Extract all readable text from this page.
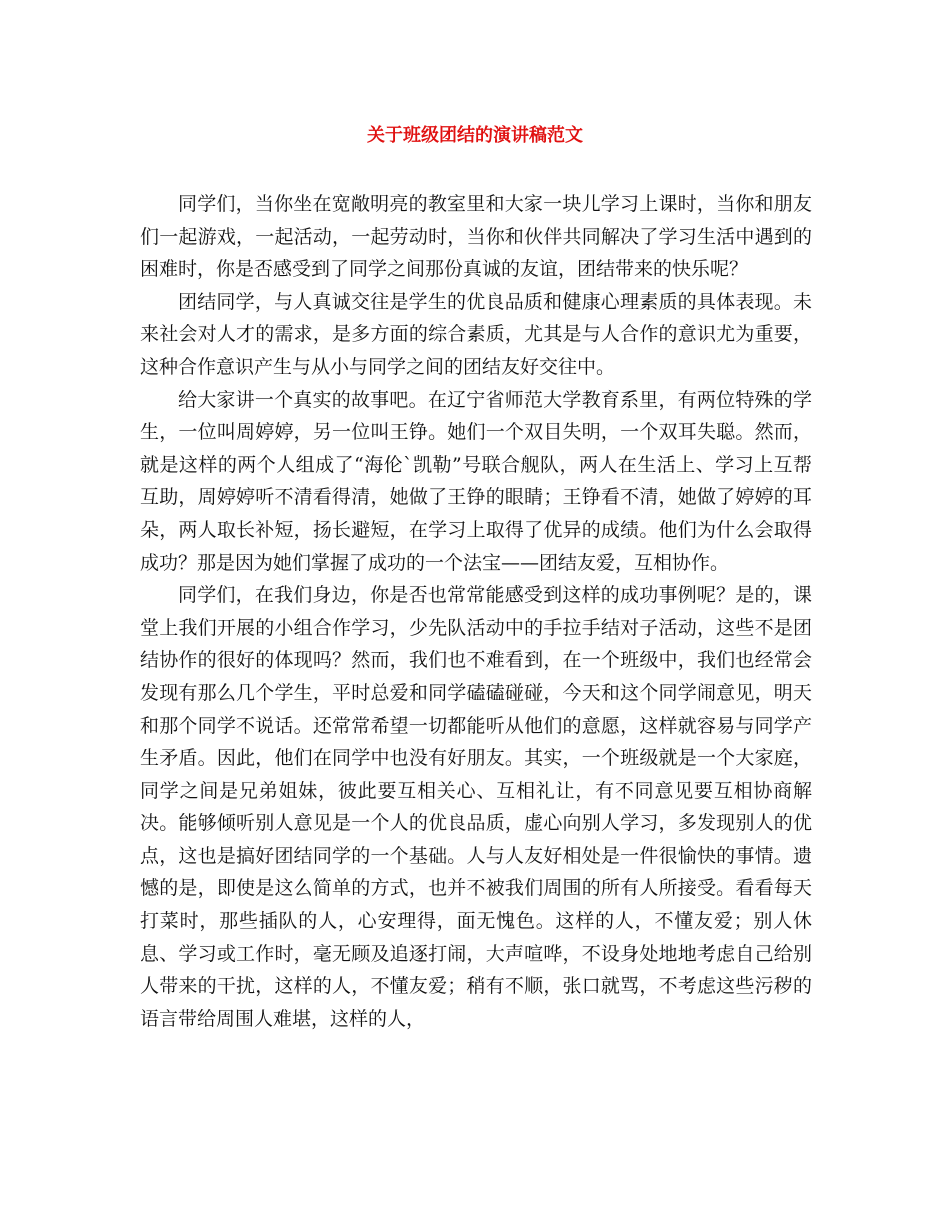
关于班级团结的演讲稿范文

同学们，当你坐在宽敞明亮的教室里和大家一块儿学习上课时，当你和朋友们一起游戏，一起活动，一起劳动时，当你和伙伴共同解决了学习生活中遇到的困难时，你是否感受到了同学之间那份真诚的友谊，团结带来的快乐呢？

团结同学，与人真诚交往是学生的优良品质和健康心理素质的具体表现。未来社会对人才的需求，是多方面的综合素质，尤其是与人合作的意识尤为重要，这种合作意识产生与从小与同学之间的团结友好交往中。

给大家讲一个真实的故事吧。在辽宁省师范大学教育系里，有两位特殊的学生，一位叫周婷婷，另一位叫王铮。她们一个双目失明，一个双耳失聪。然而，就是这样的两个人组成了“海伦`凯勒”号联合舰队，两人在生活上、学习上互帮互助，周婷婷听不清看得清，她做了王铮的眼睛；王铮看不清，她做了婷婷的耳朵，两人取长补短，扬长避短，在学习上取得了优异的成绩。他们为什么会取得成功？那是因为她们掌握了成功的一个法宝——团结友爱，互相协作。

同学们，在我们身边，你是否也常常能感受到这样的成功事例呢？是的，课堂上我们开展的小组合作学习，少先队活动中的手拉手结对子活动，这些不是团结协作的很好的体现吗？然而，我们也不难看到，在一个班级中，我们也经常会发现有那么几个学生，平时总爱和同学磕磕碰碰，今天和这个同学闹意见，明天和那个同学不说话。还常常希望一切都能听从他们的意愿，这样就容易与同学产生矛盾。因此，他们在同学中也没有好朋友。其实，一个班级就是一个大家庭，同学之间是兄弟姐妹，彼此要互相关心、互相礼让，有不同意见要互相协商解决。能够倾听别人意见是一个人的优良品质，虚心向别人学习，多发现别人的优点，这也是搞好团结同学的一个基础。人与人友好相处是一件很愉快的事情。遗憾的是，即使是这么简单的方式，也并不被我们周围的所有人所接受。看看每天打菜时，那些插队的人，心安理得，面无愧色。这样的人，不懂友爱；别人休息、学习或工作时，毫无顾及追逐打闹，大声喧哗，不设身处地地考虑自己给别人带来的干扰，这样的人，不懂友爱；稍有不顺，张口就骂，不考虑这些污秽的语言带给周围人难堪，这样的人，
